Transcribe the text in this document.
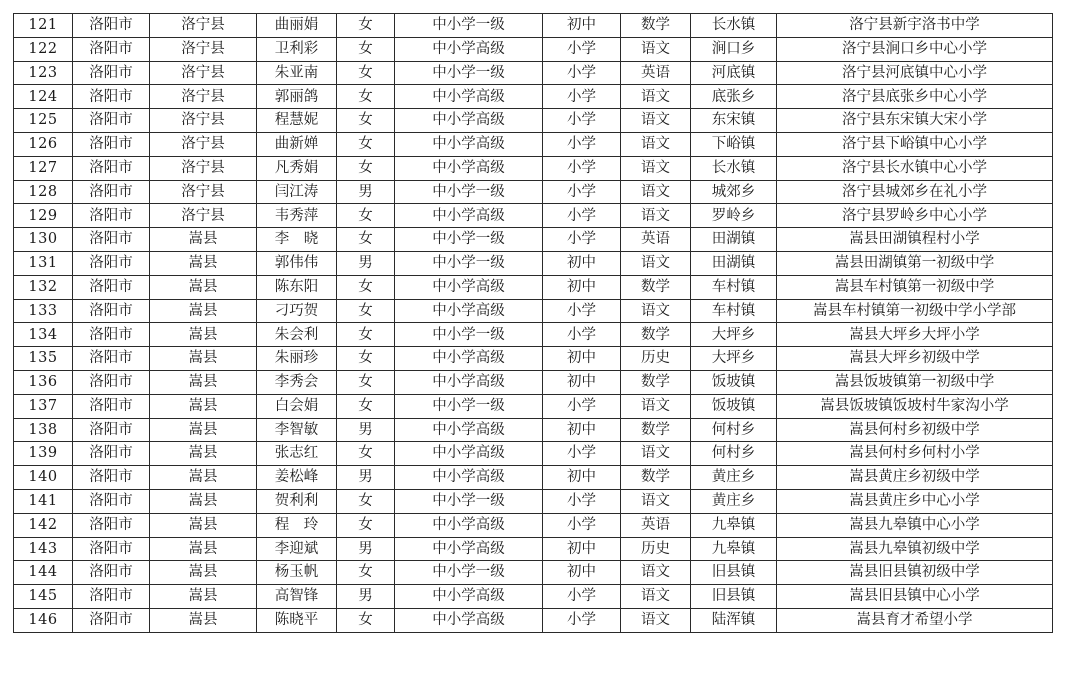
121	洛阳市	洛宁县	曲丽娟	女	中小学一级	初中	数学	长水镇	洛宁县新宇洛书中学
122	洛阳市	洛宁县	卫利彩	女	中小学高级	小学	语文	涧口乡	洛宁县涧口乡中心小学
123	洛阳市	洛宁县	朱亚南	女	中小学一级	小学	英语	河底镇	洛宁县河底镇中心小学
124	洛阳市	洛宁县	郭丽鸽	女	中小学高级	小学	语文	底张乡	洛宁县底张乡中心小学
125	洛阳市	洛宁县	程慧妮	女	中小学高级	小学	语文	东宋镇	洛宁县东宋镇大宋小学
126	洛阳市	洛宁县	曲新婵	女	中小学高级	小学	语文	下峪镇	洛宁县下峪镇中心小学
127	洛阳市	洛宁县	凡秀娟	女	中小学高级	小学	语文	长水镇	洛宁县长水镇中心小学
128	洛阳市	洛宁县	闫江涛	男	中小学一级	小学	语文	城郊乡	洛宁县城郊乡在礼小学
129	洛阳市	洛宁县	韦秀萍	女	中小学高级	小学	语文	罗岭乡	洛宁县罗岭乡中心小学
130	洛阳市	嵩县	李　晓	女	中小学一级	小学	英语	田湖镇	嵩县田湖镇程村小学
131	洛阳市	嵩县	郭伟伟	男	中小学一级	初中	语文	田湖镇	嵩县田湖镇第一初级中学
132	洛阳市	嵩县	陈东阳	女	中小学高级	初中	数学	车村镇	嵩县车村镇第一初级中学
133	洛阳市	嵩县	刁巧贺	女	中小学高级	小学	语文	车村镇	嵩县车村镇第一初级中学小学部
134	洛阳市	嵩县	朱会利	女	中小学一级	小学	数学	大坪乡	嵩县大坪乡大坪小学
135	洛阳市	嵩县	朱丽珍	女	中小学高级	初中	历史	大坪乡	嵩县大坪乡初级中学
136	洛阳市	嵩县	李秀会	女	中小学高级	初中	数学	饭坡镇	嵩县饭坡镇第一初级中学
137	洛阳市	嵩县	白会娟	女	中小学一级	小学	语文	饭坡镇	嵩县饭坡镇饭坡村牛家沟小学
138	洛阳市	嵩县	李智敏	男	中小学高级	初中	数学	何村乡	嵩县何村乡初级中学
139	洛阳市	嵩县	张志红	女	中小学高级	小学	语文	何村乡	嵩县何村乡何村小学
140	洛阳市	嵩县	姜松峰	男	中小学高级	初中	数学	黄庄乡	嵩县黄庄乡初级中学
141	洛阳市	嵩县	贺利利	女	中小学一级	小学	语文	黄庄乡	嵩县黄庄乡中心小学
142	洛阳市	嵩县	程　玲	女	中小学高级	小学	英语	九皋镇	嵩县九皋镇中心小学
143	洛阳市	嵩县	李迎斌	男	中小学高级	初中	历史	九皋镇	嵩县九皋镇初级中学
144	洛阳市	嵩县	杨玉帆	女	中小学一级	初中	语文	旧县镇	嵩县旧县镇初级中学
145	洛阳市	嵩县	高智锋	男	中小学高级	小学	语文	旧县镇	嵩县旧县镇中心小学
146	洛阳市	嵩县	陈晓平	女	中小学高级	小学	语文	陆浑镇	嵩县育才希望小学
